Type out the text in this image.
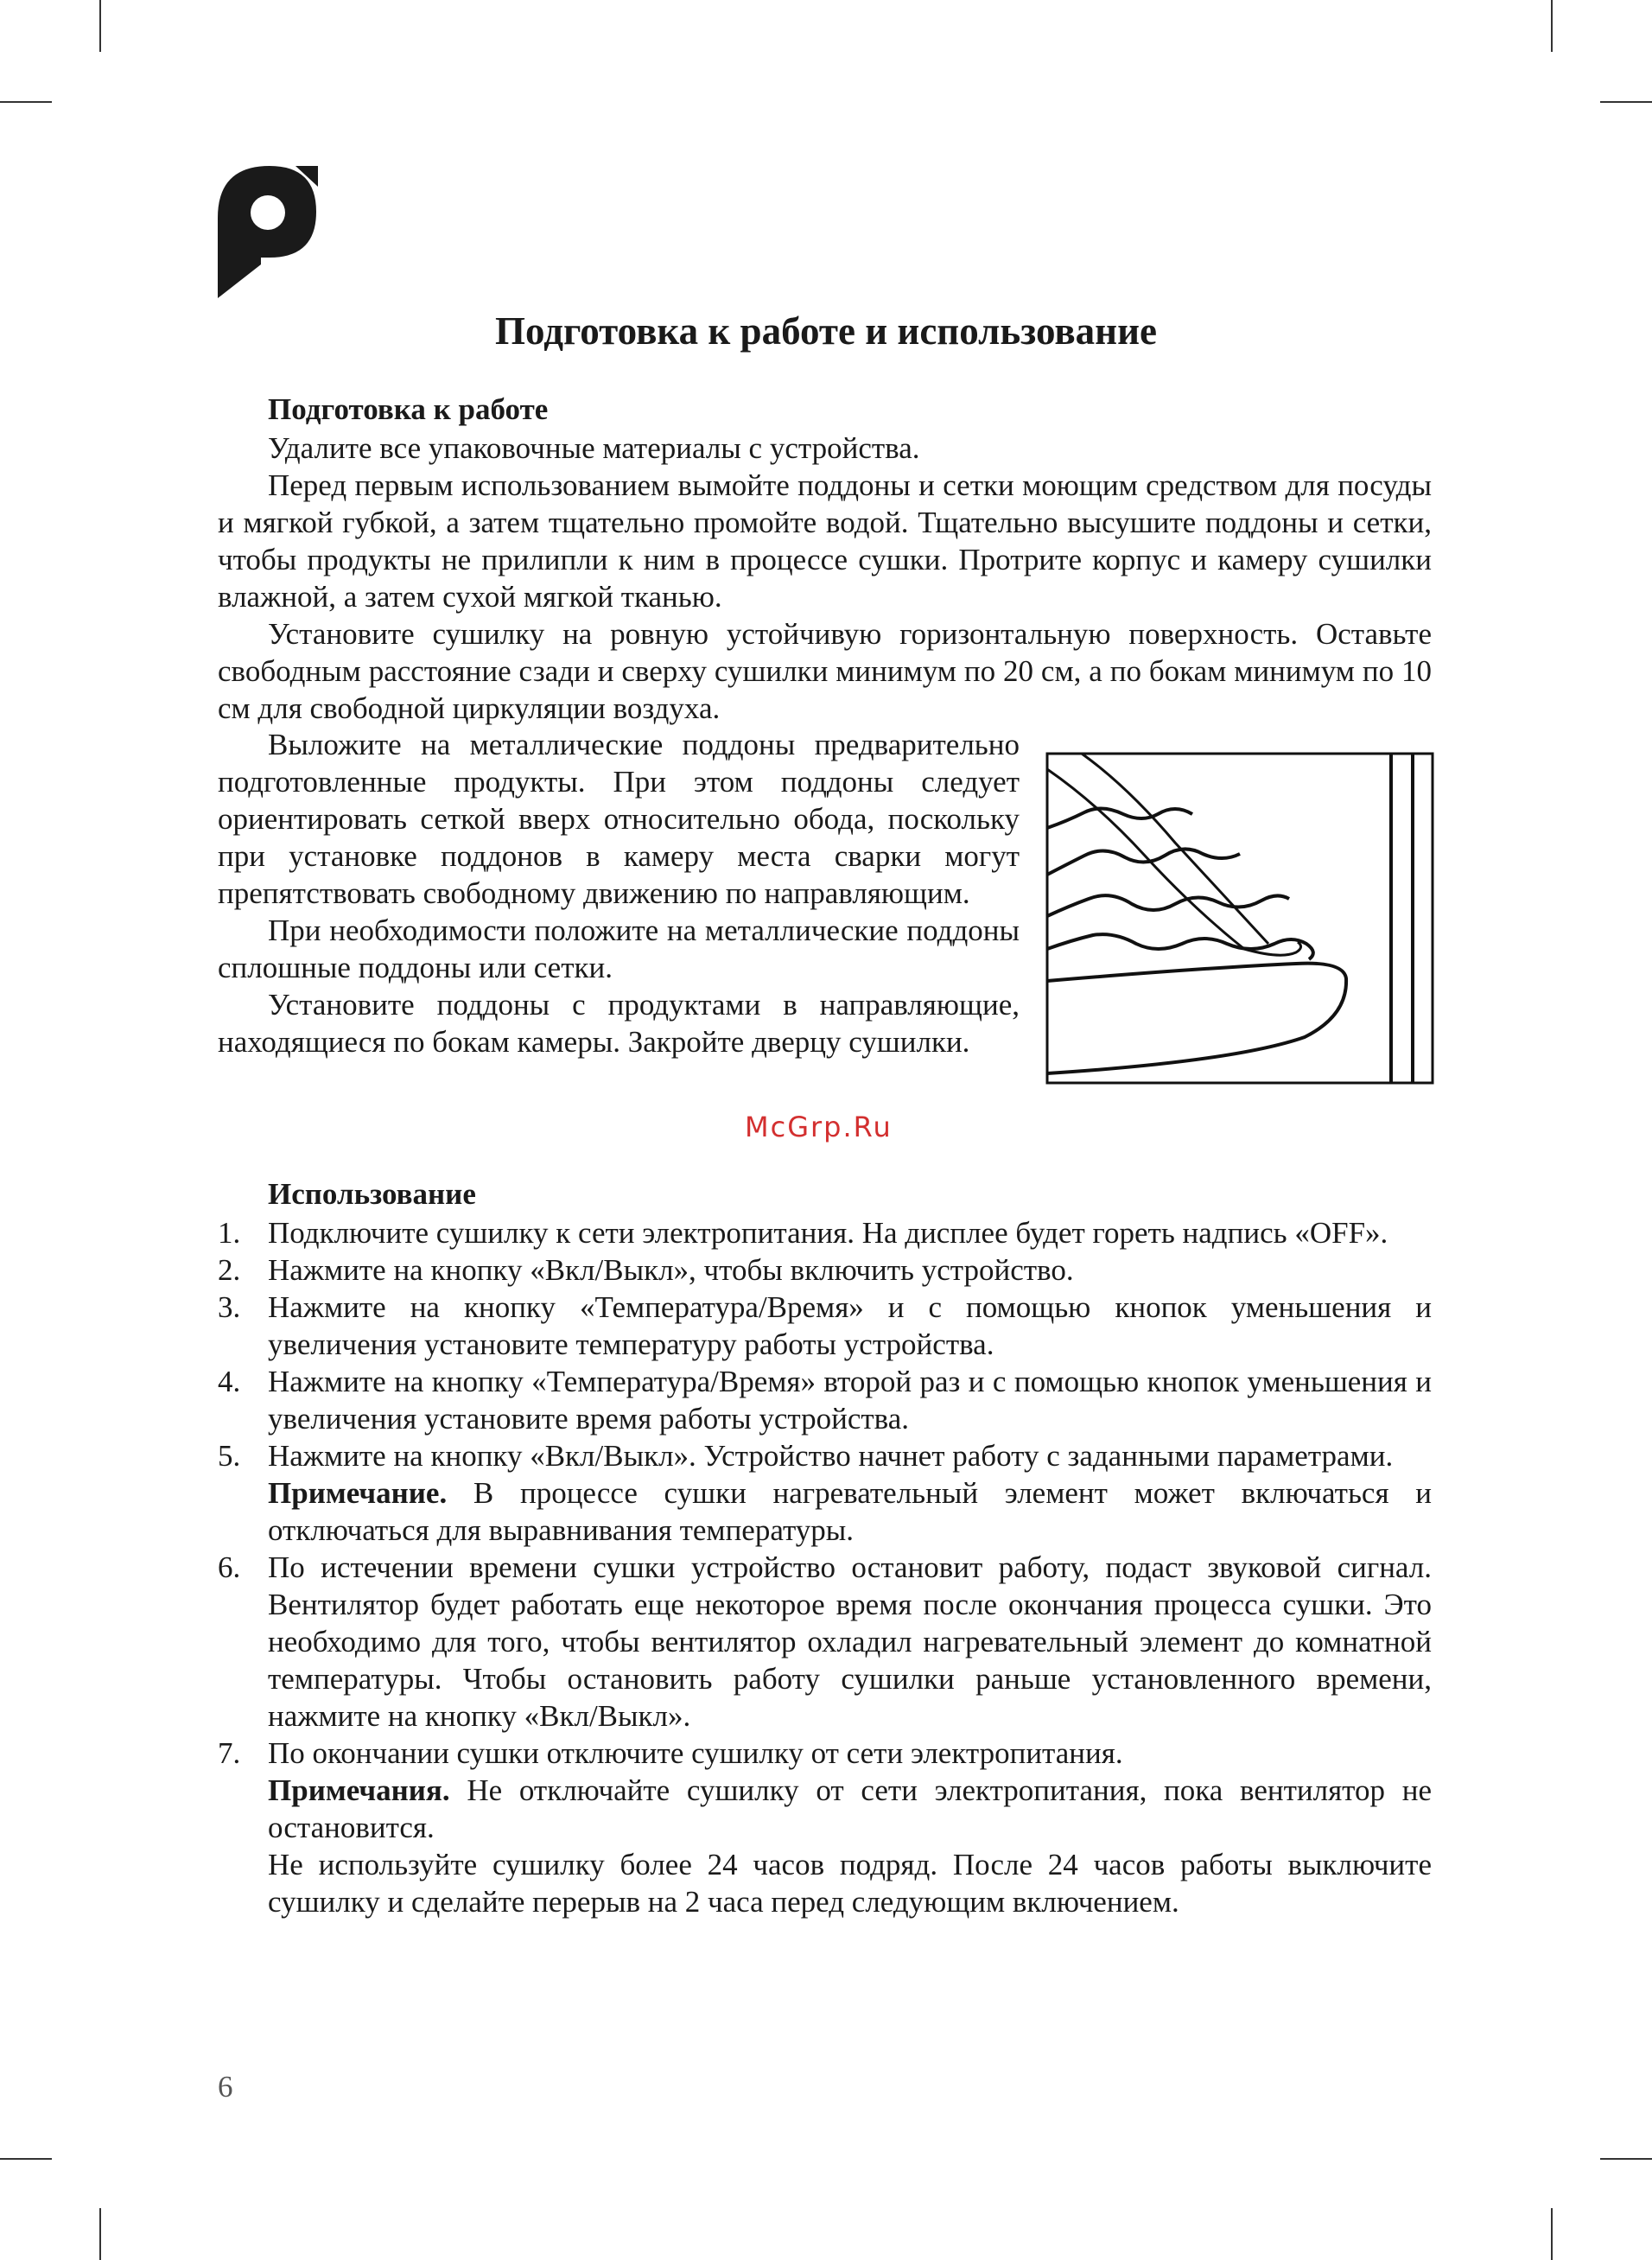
Подготовка к работе и использование
Подготовка к работе

Удалите все упаковочные материалы с устройства.

Перед первым использованием вымойте поддоны и сетки моющим средством для посуды и мягкой губкой, а затем тщательно промойте водой. Тщательно высушите поддоны и сетки, чтобы продукты не прилипли к ним в процессе сушки. Протрите корпус и камеру сушилки влажной, а затем сухой мягкой тканью.

Установите сушилку на ровную устойчивую горизонтальную поверхность. Оставьте свободным расстояние сзади и сверху сушилки минимум по 20 см, а по бокам минимум по 10 см для свободной циркуляции воздуха.

Выложите на металлические поддоны предварительно подготовленные продукты. При этом поддоны следует ориентировать сеткой вверх относительно обода, поскольку при установке поддонов в камеру места сварки могут препятствовать свободному движению по направляющим.

При необходимости положите на металлические поддоны сплошные поддоны или сетки.

Установите поддоны с продуктами в направляющие, находящиеся по бокам камеры. Закройте дверцу сушилки.

McGrp.Ru
Использование
1. Подключите сушилку к сети электропитания. На дисплее будет гореть надпись «OFF».
2. Нажмите на кнопку «Вкл/Выкл», чтобы включить устройство.
3. Нажмите на кнопку «Температура/Время» и с помощью кнопок уменьшения и увеличения установите температуру работы устройства.
4. Нажмите на кнопку «Температура/Время» второй раз и с помощью кнопок уменьшения и увеличения установите время работы устройства.
5. Нажмите на кнопку «Вкл/Выкл». Устройство начнет работу с заданными параметрами.
Примечание. В процессе сушки нагревательный элемент может включаться и отключаться для выравнивания температуры.
6. По истечении времени сушки устройство остановит работу, подаст звуковой сигнал. Вентилятор будет работать еще некоторое время после окончания процесса сушки. Это необходимо для того, чтобы вентилятор охладил нагревательный элемент до комнатной температуры. Чтобы остановить работу сушилки раньше установленного времени, нажмите на кнопку «Вкл/Выкл».
7. По окончании сушки отключите сушилку от сети электропитания.
Примечания. Не отключайте сушилку от сети электропитания, пока вентилятор не остановится.
Не используйте сушилку более 24 часов подряд. После 24 часов работы выключите сушилку и сделайте перерыв на 2 часа перед следующим включением.
6
